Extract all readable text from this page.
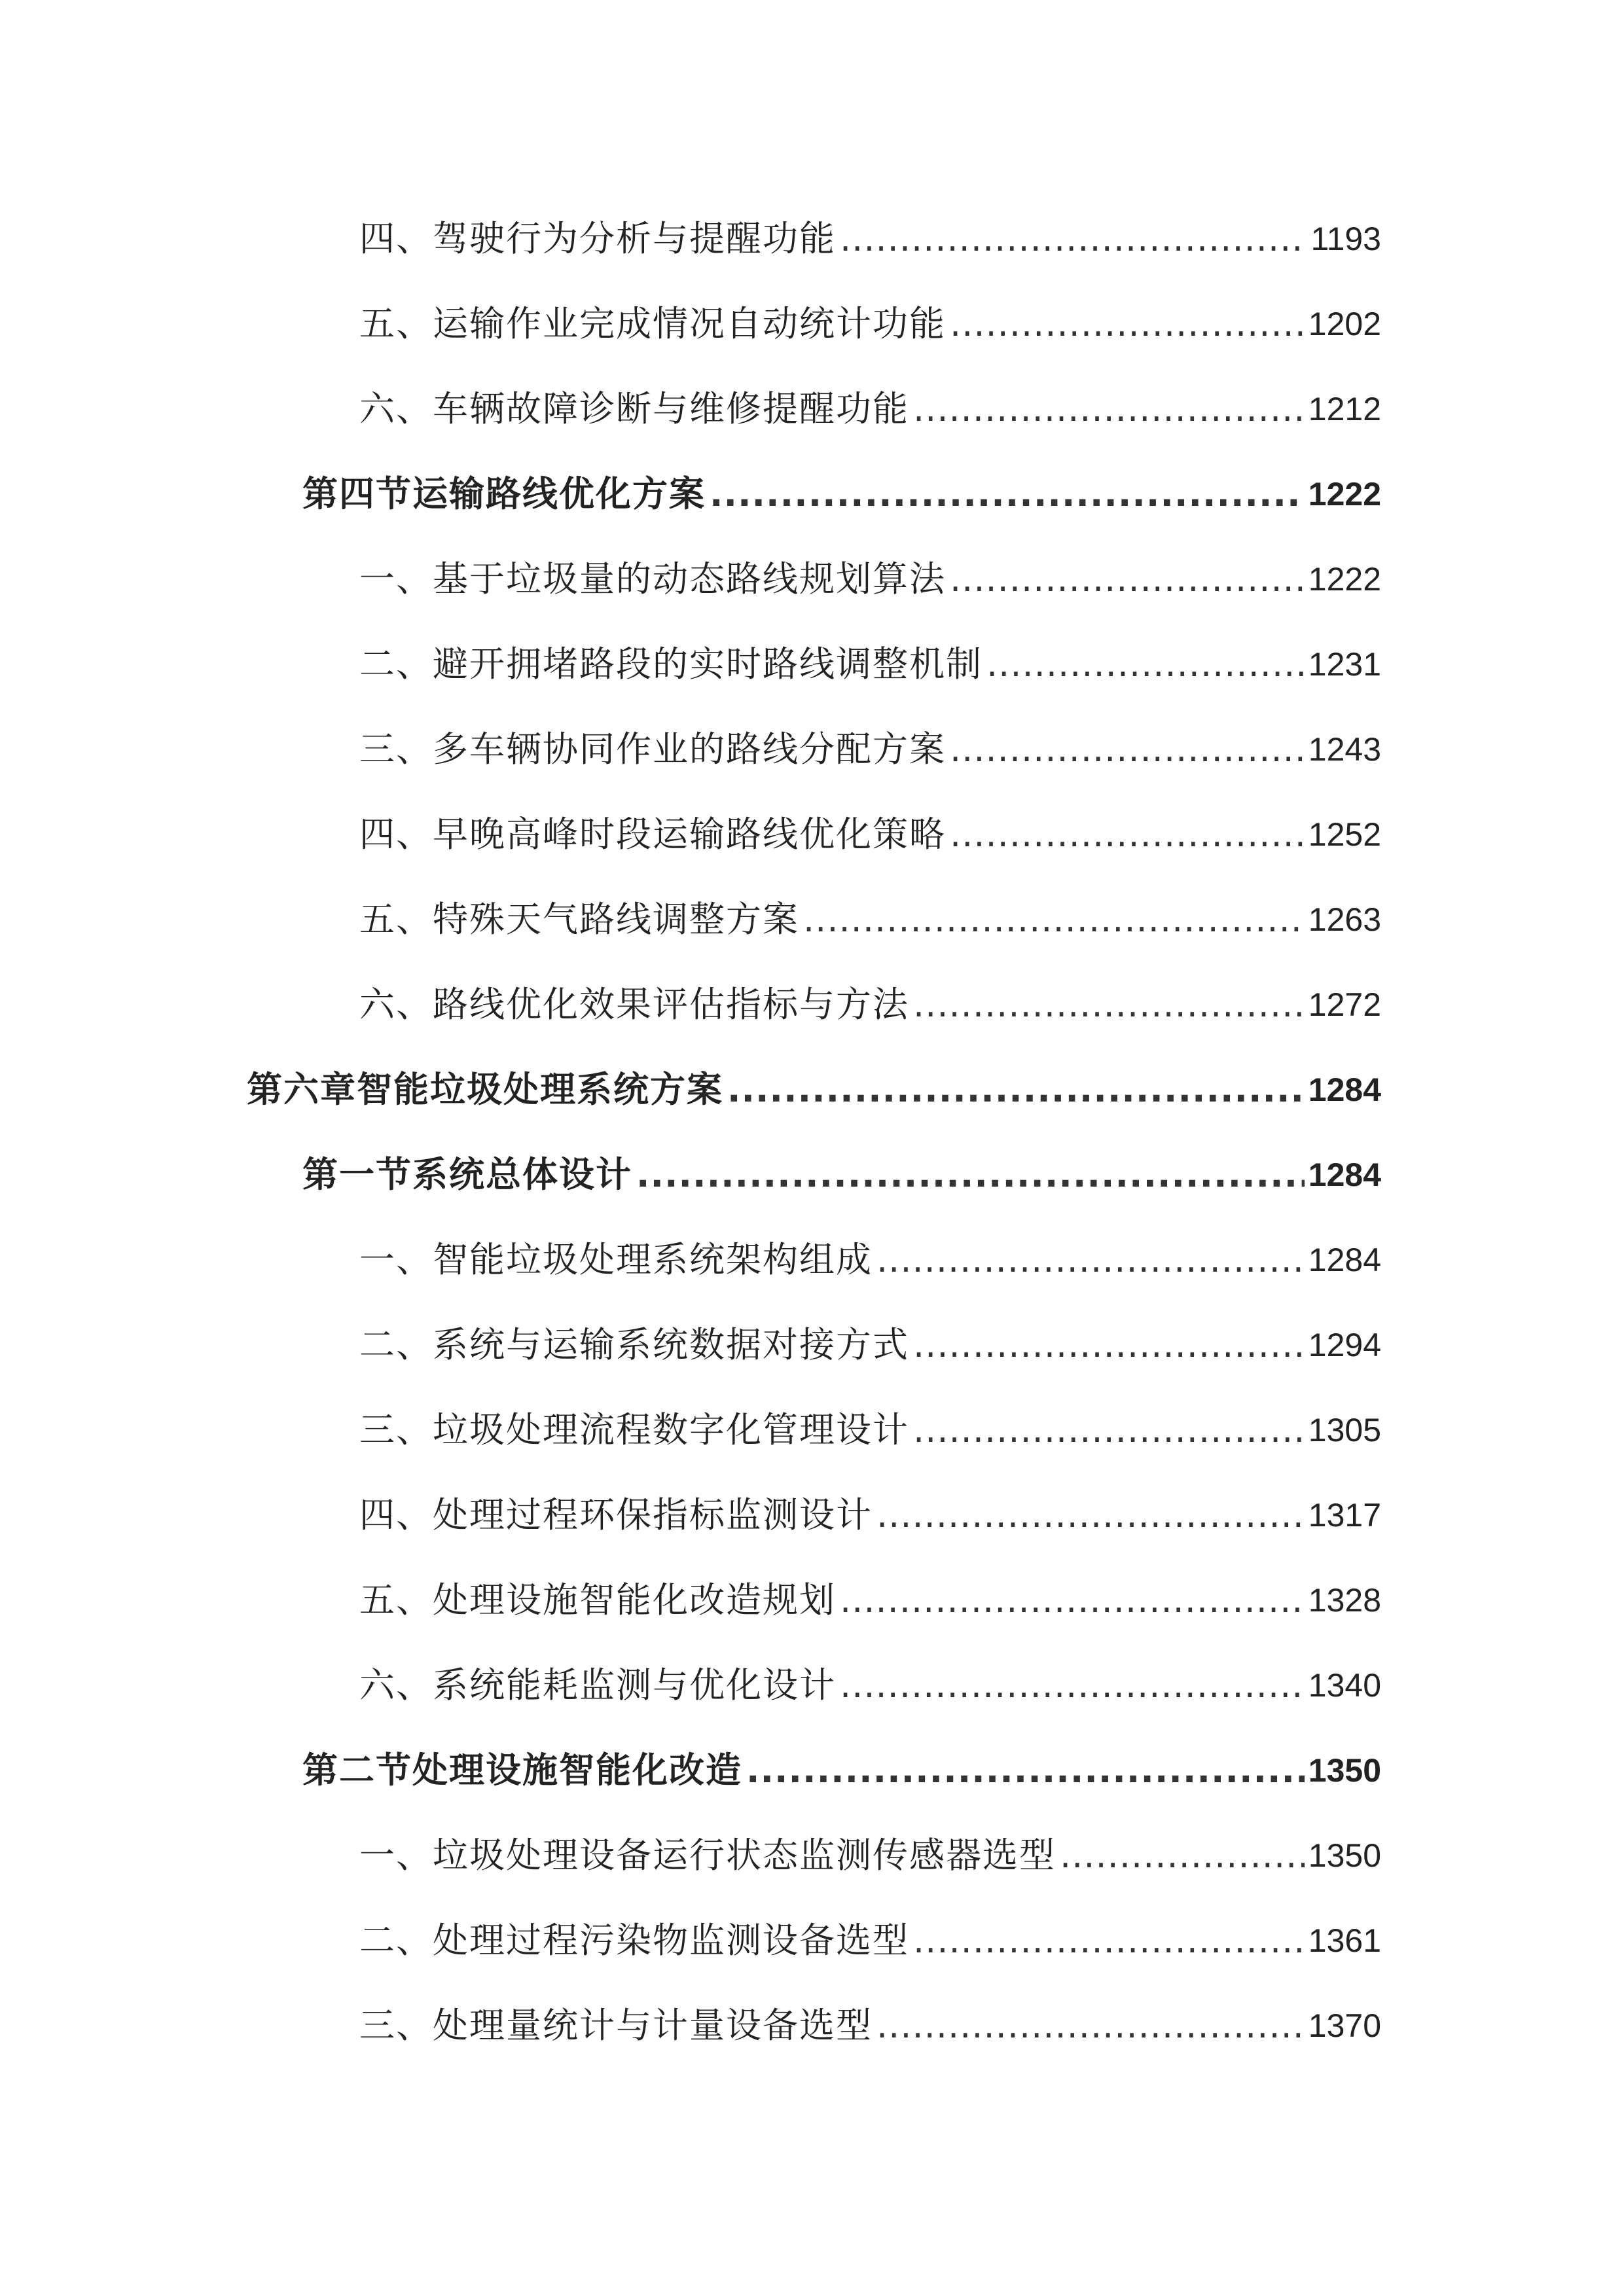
四、驾驶行为分析与提醒功能 .....	1193
五、运输作业完成情况自动统计功能 .....	1202
六、车辆故障诊断与维修提醒功能 .....	1212
第四节运输路线优化方案 .....	1222
一、基于垃圾量的动态路线规划算法 .....	1222
二、避开拥堵路段的实时路线调整机制 .....	1231
三、多车辆协同作业的路线分配方案 .....	1243
四、早晚高峰时段运输路线优化策略 .....	1252
五、特殊天气路线调整方案 .....	1263
六、路线优化效果评估指标与方法 .....	1272
第六章智能垃圾处理系统方案 .....	1284
第一节系统总体设计 .....	1284
一、智能垃圾处理系统架构组成 .....	1284
二、系统与运输系统数据对接方式 .....	1294
三、垃圾处理流程数字化管理设计 .....	1305
四、处理过程环保指标监测设计 .....	1317
五、处理设施智能化改造规划 .....	1328
六、系统能耗监测与优化设计 .....	1340
第二节处理设施智能化改造 .....	1350
一、垃圾处理设备运行状态监测传感器选型 .....	1350
二、处理过程污染物监测设备选型 .....	1361
三、处理量统计与计量设备选型 .....	1370
